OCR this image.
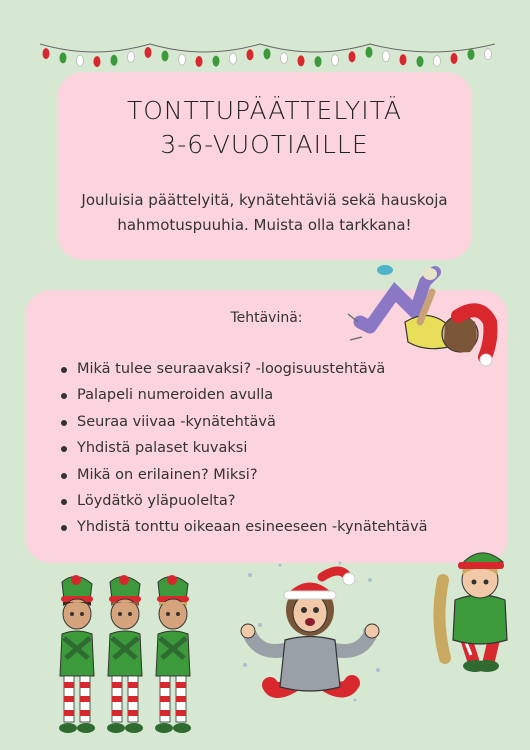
TONTTUPÄÄTTELYITÄ
3-6-VUOTIAILLE
Jouluisia päättelyitä, kynätehtäviä sekä hauskoja
hahmotuspuuhia. Muista olla tarkkana!
Tehtävinä:
Mikä tulee seuraavaksi? -loogisuustehtävä
Palapeli numeroiden avulla
Seuraa viivaa -kynätehtävä
Yhdistä palaset kuvaksi
Mikä on erilainen? Miksi?
Löydätkö yläpuolelta?
Yhdistä tonttu oikeaan esineeseen -kynätehtävä
